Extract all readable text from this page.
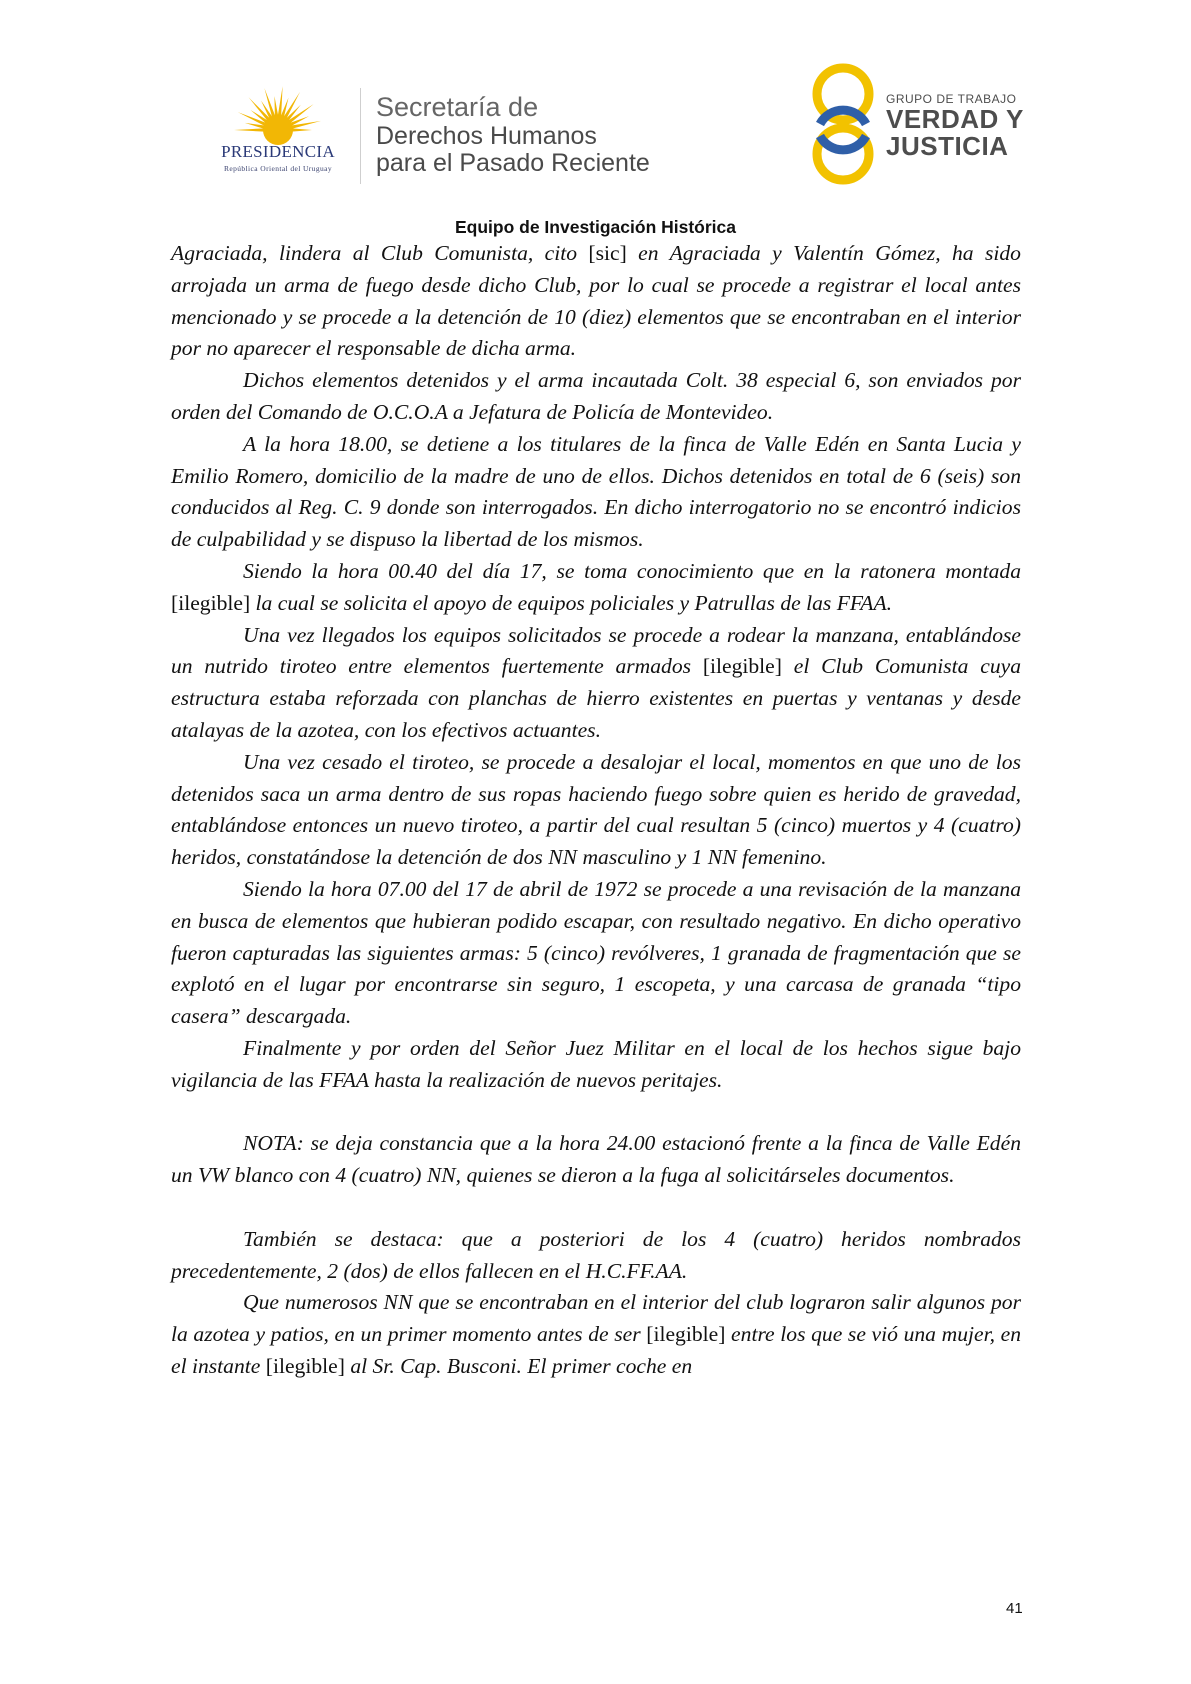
PRESIDENCIA
República Oriental del Uruguay
Secretaría de
Derechos Humanos
para el Pasado Reciente
GRUPO DE TRABAJO
VERDAD Y
JUSTICIA
Equipo de Investigación Histórica

Agraciada, lindera al Club Comunista, cito [sic] en Agraciada y Valentín Gómez, ha sido arrojada un arma de fuego desde dicho Club, por lo cual se procede a registrar el local antes mencionado y se procede a la detención de 10 (diez) elementos que se encontraban en el interior por no aparecer el responsable de dicha arma.

Dichos elementos detenidos y el arma incautada Colt. 38 especial 6, son enviados por orden del Comando de O.C.O.A a Jefatura de Policía de Montevideo.

A la hora 18.00, se detiene a los titulares de la finca de Valle Edén en Santa Lucia y Emilio Romero, domicilio de la madre de uno de ellos. Dichos detenidos en total de 6 (seis) son conducidos al Reg. C. 9 donde son interrogados. En dicho interrogatorio no se encontró indicios de culpabilidad y se dispuso la libertad de los mismos.

Siendo la hora 00.40 del día 17, se toma conocimiento que en la ratonera montada [ilegible] la cual se solicita el apoyo de equipos policiales y Patrullas de las FFAA.

Una vez llegados los equipos solicitados se procede a rodear la manzana, entablándose un nutrido tiroteo entre elementos fuertemente armados [ilegible] el Club Comunista cuya estructura estaba reforzada con planchas de hierro existentes en puertas y ventanas y desde atalayas de la azotea, con los efectivos actuantes.

Una vez cesado el tiroteo, se procede a desalojar el local, momentos en que uno de los detenidos saca un arma dentro de sus ropas haciendo fuego sobre quien es herido de gravedad, entablándose entonces un nuevo tiroteo, a partir del cual resultan 5 (cinco) muertos y 4 (cuatro) heridos, constatándose la detención de dos NN masculino y 1 NN femenino.

Siendo la hora 07.00 del 17 de abril de 1972 se procede a una revisación de la manzana en busca de elementos que hubieran podido escapar, con resultado negativo. En dicho operativo fueron capturadas las siguientes armas: 5 (cinco) revólveres, 1 granada de fragmentación que se explotó en el lugar por encontrarse sin seguro, 1 escopeta, y una carcasa de granada “tipo casera” descargada.

Finalmente y por orden del Señor Juez Militar en el local de los hechos sigue bajo vigilancia de las FFAA hasta la realización de nuevos peritajes.

NOTA: se deja constancia que a la hora 24.00 estacionó frente a la finca de Valle Edén un VW blanco con 4 (cuatro) NN, quienes se dieron a la fuga al solicitárseles documentos.

También se destaca: que a posteriori de los 4 (cuatro) heridos nombrados precedentemente, 2 (dos) de ellos fallecen en el H.C.FF.AA.

Que numerosos NN que se encontraban en el interior del club lograron salir algunos por la azotea y patios, en un primer momento antes de ser [ilegible] entre los que se vió una mujer, en el instante [ilegible] al Sr. Cap. Busconi. El primer coche en

41
